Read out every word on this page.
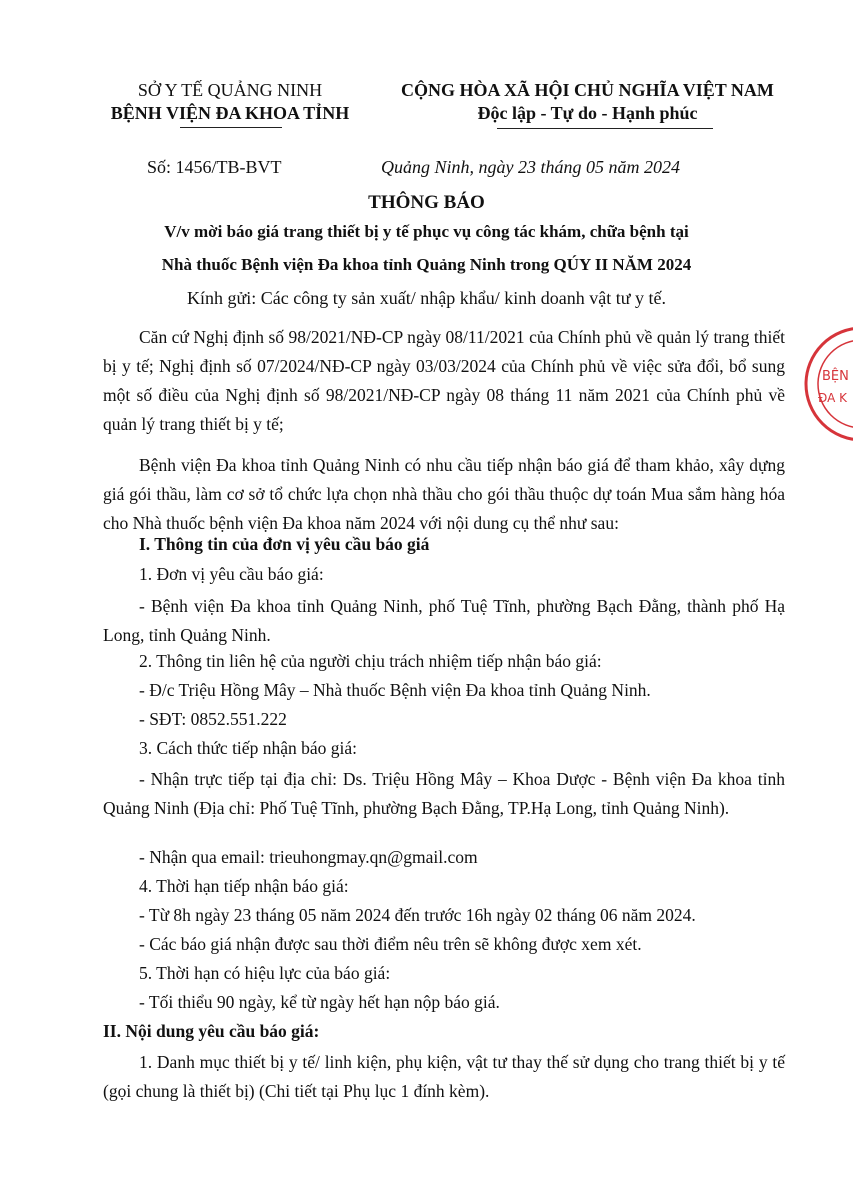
SỞ Y TẾ QUẢNG NINH
BỆNH VIỆN ĐA KHOA TỈNH
CỘNG HÒA XÃ HỘI CHỦ NGHĨA VIỆT NAM
Độc lập - Tự do - Hạnh phúc
Số: 1456/TB-BVT	Quảng Ninh, ngày 23 tháng 05 năm 2024
THÔNG BÁO
V/v mời báo giá trang thiết bị y tế phục vụ công tác khám, chữa bệnh tại
Nhà thuốc Bệnh viện Đa khoa tỉnh Quảng Ninh trong QÚY II NĂM 2024
Kính gửi: Các công ty sản xuất/ nhập khẩu/ kinh doanh vật tư y tế.
Căn cứ Nghị định số 98/2021/NĐ-CP ngày 08/11/2021 của Chính phủ về quản lý trang thiết bị y tế; Nghị định số 07/2024/NĐ-CP ngày 03/03/2024 của Chính phủ về việc sửa đổi, bổ sung một số điều của Nghị định số 98/2021/NĐ-CP ngày 08 tháng 11 năm 2021 của Chính phủ về quản lý trang thiết bị y tế;
Bệnh viện Đa khoa tỉnh Quảng Ninh có nhu cầu tiếp nhận báo giá để tham khảo, xây dựng giá gói thầu, làm cơ sở tổ chức lựa chọn nhà thầu cho gói thầu thuộc dự toán Mua sắm hàng hóa cho Nhà thuốc bệnh viện Đa khoa năm 2024 với nội dung cụ thể như sau:
I. Thông tin của đơn vị yêu cầu báo giá
1. Đơn vị yêu cầu báo giá:
- Bệnh viện Đa khoa tỉnh Quảng Ninh, phố Tuệ Tĩnh, phường Bạch Đằng, thành phố Hạ Long, tỉnh Quảng Ninh.
2. Thông tin liên hệ của người chịu trách nhiệm tiếp nhận báo giá:
- Đ/c Triệu Hồng Mây – Nhà thuốc Bệnh viện Đa khoa tỉnh Quảng Ninh.
- SĐT: 0852.551.222
3. Cách thức tiếp nhận báo giá:
- Nhận trực tiếp tại địa chỉ: Ds. Triệu Hồng Mây – Khoa Dược - Bệnh viện Đa khoa tỉnh Quảng Ninh (Địa chỉ: Phố Tuệ Tĩnh, phường Bạch Đằng, TP.Hạ Long, tỉnh Quảng Ninh).
- Nhận qua email: trieuhongmay.qn@gmail.com
4. Thời hạn tiếp nhận báo giá:
- Từ 8h ngày 23 tháng 05 năm 2024 đến trước 16h ngày 02 tháng 06 năm 2024.
- Các báo giá nhận được sau thời điểm nêu trên sẽ không được xem xét.
5. Thời hạn có hiệu lực của báo giá:
- Tối thiểu 90 ngày, kể từ ngày hết hạn nộp báo giá.
II. Nội dung yêu cầu báo giá:
1. Danh mục thiết bị y tế/ linh kiện, phụ kiện, vật tư thay thế sử dụng cho trang thiết bị y tế (gọi chung là thiết bị) (Chi tiết tại Phụ lục 1 đính kèm).
BỆN
ĐA K
